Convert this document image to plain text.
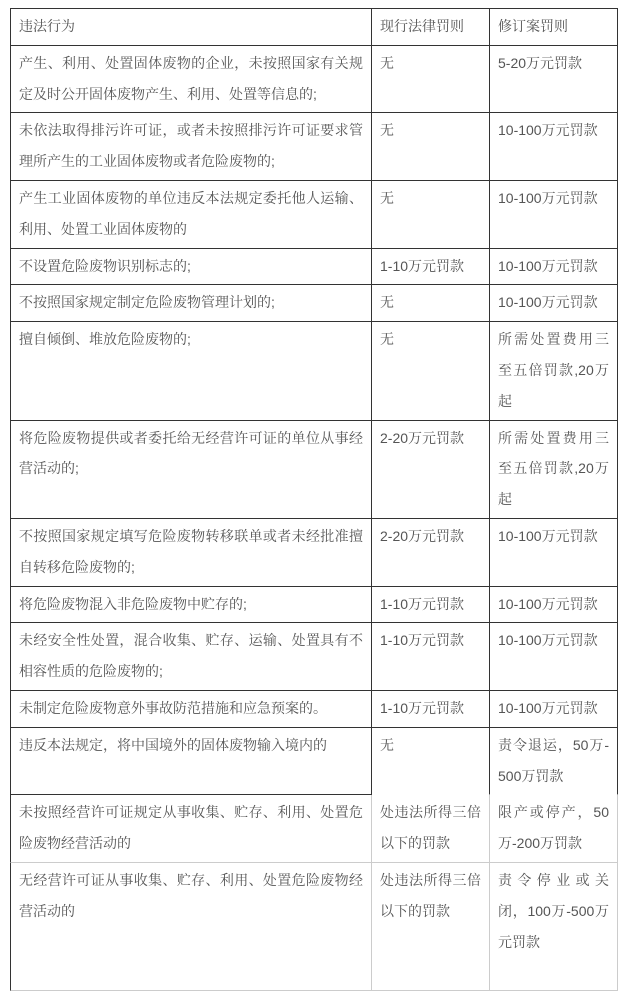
违法行为	现行法律罚则	修订案罚则
产生、利用、处置固体废物的企业，未按照国家有关规定及时公开固体废物产生、利用、处置等信息的;	无	5-20万元罚款
未依法取得排污许可证，或者未按照排污许可证要求管理所产生的工业固体废物或者危险废物的;	无	10-100万元罚款
产生工业固体废物的单位违反本法规定委托他人运输、利用、处置工业固体废物的	无	10-100万元罚款
不设置危险废物识别标志的;	1-10万元罚款	10-100万元罚款
不按照国家规定制定危险废物管理计划的;	无	10-100万元罚款
擅自倾倒、堆放危险废物的;	无	所需处置费用三至五倍罚款,20万起
将危险废物提供或者委托给无经营许可证的单位从事经营活动的;	2-20万元罚款	所需处置费用三至五倍罚款,20万起
不按照国家规定填写危险废物转移联单或者未经批准擅自转移危险废物的;	2-20万元罚款	10-100万元罚款
将危险废物混入非危险废物中贮存的;	1-10万元罚款	10-100万元罚款
未经安全性处置，混合收集、贮存、运输、处置具有不相容性质的危险废物的;	1-10万元罚款	10-100万元罚款
未制定危险废物意外事故防范措施和应急预案的。	1-10万元罚款	10-100万元罚款
违反本法规定，将中国境外的固体废物输入境内的	无	责令退运，50万-500万罚款
未按照经营许可证规定从事收集、贮存、利用、处置危险废物经营活动的	处违法所得三倍以下的罚款	限产或停产，50万-200万罚款
无经营许可证从事收集、贮存、利用、处置危险废物经营活动的	处违法所得三倍以下的罚款	责令停业或关闭，100万-500万元罚款
